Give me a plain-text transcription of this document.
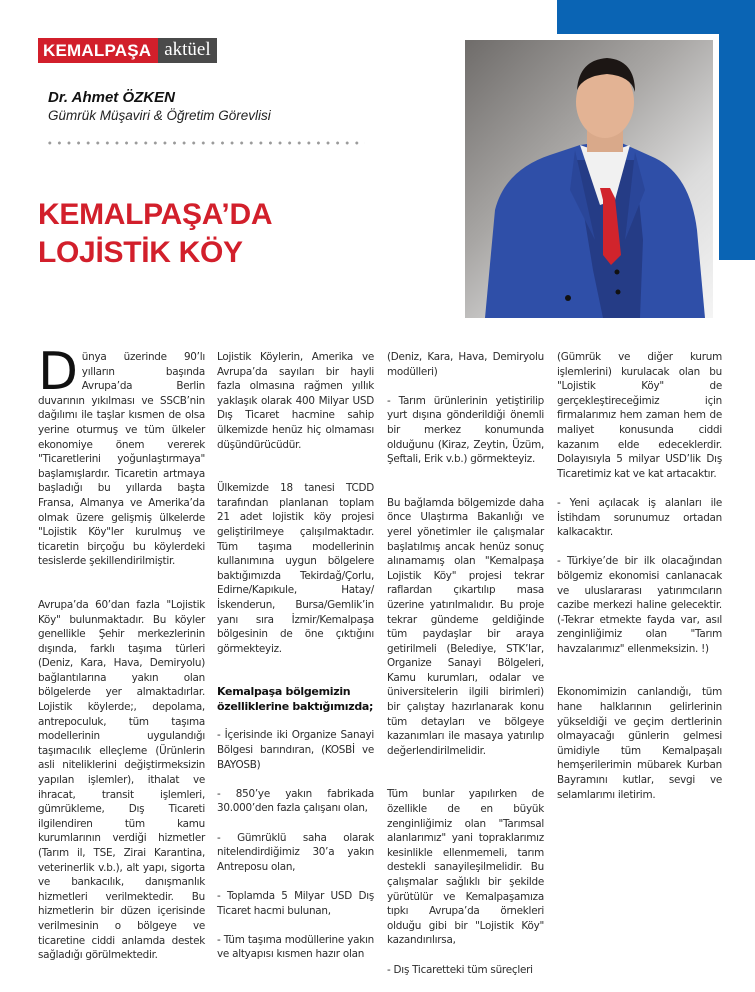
KEMALPAŞA aktüel
Dr. Ahmet ÖZKEN
Gümrük Müşaviri & Öğretim Görevlisi
KEMALPAŞA’DA
LOJİSTİK KÖY

Dünya üzerinde 90’lı yılların başında Avrupa’da Berlin duvarının yıkılması ve SSCB’nin dağılımı ile taşlar kısmen de olsa yerine oturmuş ve tüm ülkeler ekonomiye önem vererek "Ticaretlerini yoğunlaştırmaya" başlamışlardır. Ticaretin artmaya başladığı bu yıllarda başta Fransa, Almanya ve Amerika’da olmak üzere gelişmiş ülkelerde "Lojistik Köy"ler kurulmuş ve ticaretin birçoğu bu köylerdeki tesislerde şekillendirilmiştir.

Avrupa’da 60’dan fazla "Lojistik Köy" bulunmaktadır. Bu köyler genellikle Şehir merkezlerinin dışında, farklı taşıma türleri (Deniz, Kara, Hava, Demiryolu) bağlantılarına yakın olan bölgelerde yer almaktadırlar. Lojistik köylerde;, depolama, antrepoculuk, tüm taşıma modellerinin uygulandığı taşımacılık elleçleme (Ürünlerin asli niteliklerini değiştirmeksizin yapılan işlemler), ithalat ve ihracat, transit işlemleri, gümrükleme, Dış Ticareti ilgilendiren tüm kamu kurumlarının verdiği hizmetler (Tarım il, TSE, Zirai Karantina, veterinerlik v.b.), alt yapı, sigorta ve bankacılık, danışmanlık hizmetleri verilmektedir. Bu hizmetlerin bir düzen içerisinde verilmesinin o bölgeye ve ticaretine ciddi anlamda destek sağladığı görülmektedir.

Lojistik Köylerin, Amerika ve Avrupa’da sayıları bir hayli fazla olmasına rağmen yıllık yaklaşık olarak 400 Milyar USD Dış Ticaret hacmine sahip ülkemizde henüz hiç olmaması düşündürücüdür.

Ülkemizde 18 tanesi TCDD tarafından planlanan toplam 21 adet lojistik köy projesi geliştirilmeye çalışılmaktadır. Tüm taşıma modellerinin kullanımına uygun bölgelere baktığımızda Tekirdağ/Çorlu, Edirne/Kapıkule, Hatay/İskenderun, Bursa/Gemlik’in yanı sıra İzmir/Kemalpaşa bölgesinin de öne çıktığını görmekteyiz.

Kemalpaşa bölgemizin özelliklerine baktığımızda;

- İçerisinde iki Organize Sanayi Bölgesi barındıran, (KOSBİ ve BAYOSB)

- 850’ye yakın fabrikada 30.000’den fazla çalışanı olan,

- Gümrüklü saha olarak nitelendirdiğimiz 30’a yakın Antreposu olan,

- Toplamda 5 Milyar USD Dış Ticaret hacmi bulunan,

- Tüm taşıma modüllerine yakın ve altyapısı kısmen hazır olan

(Deniz, Kara, Hava, Demiryolu modülleri)

- Tarım ürünlerinin yetiştirilip yurt dışına gönderildiği önemli bir merkez konumunda olduğunu (Kiraz, Zeytin, Üzüm, Şeftali, Erik v.b.) görmekteyiz.

Bu bağlamda bölgemizde daha önce Ulaştırma Bakanlığı ve yerel yönetimler ile çalışmalar başlatılmış ancak henüz sonuç alınamamış olan "Kemalpaşa Lojistik Köy" projesi tekrar raflardan çıkartılıp masa üzerine yatırılmalıdır. Bu proje tekrar gündeme geldiğinde tüm paydaşlar bir araya getirilmeli (Belediye, STK’lar, Organize Sanayi Bölgeleri, Kamu kurumları, odalar ve üniversitelerin ilgili birimleri) bir çalıştay hazırlanarak konu tüm detayları ve bölgeye kazanımları ile masaya yatırılıp değerlendirilmelidir.

Tüm bunlar yapılırken de özellikle de en büyük zenginliğimiz olan "Tarımsal alanlarımız" yani topraklarımız kesinlikle ellenmemeli, tarım destekli sanayileşilmelidir. Bu çalışmalar sağlıklı bir şekilde yürütülür ve Kemalpaşamıza tıpkı Avrupa’da örnekleri olduğu gibi bir "Lojistik Köy" kazandırılırsa,

- Dış Ticaretteki tüm süreçleri

(Gümrük ve diğer kurum işlemlerini) kurulacak olan bu "Lojistik Köy" de gerçekleştireceğimiz için firmalarımız hem zaman hem de maliyet konusunda ciddi kazanım elde edeceklerdir. Dolayısıyla 5 milyar USD’lik Dış Ticaretimiz kat ve kat artacaktır.

- Yeni açılacak iş alanları ile İstihdam sorunumuz ortadan kalkacaktır.

- Türkiye’de bir ilk olacağından bölgemiz ekonomisi canlanacak ve uluslararası yatırımcıların cazibe merkezi haline gelecektir. (-Tekrar etmekte fayda var, asıl zenginliğimiz olan "Tarım havzalarımız" ellenmeksizin. !)

Ekonomimizin canlandığı, tüm hane halklarının gelirlerinin yükseldiği ve geçim dertlerinin olmayacağı günlerin gelmesi ümidiyle tüm Kemalpaşalı hemşerilerimin mübarek Kurban Bayramını kutlar, sevgi ve selamlarımı iletirim.
